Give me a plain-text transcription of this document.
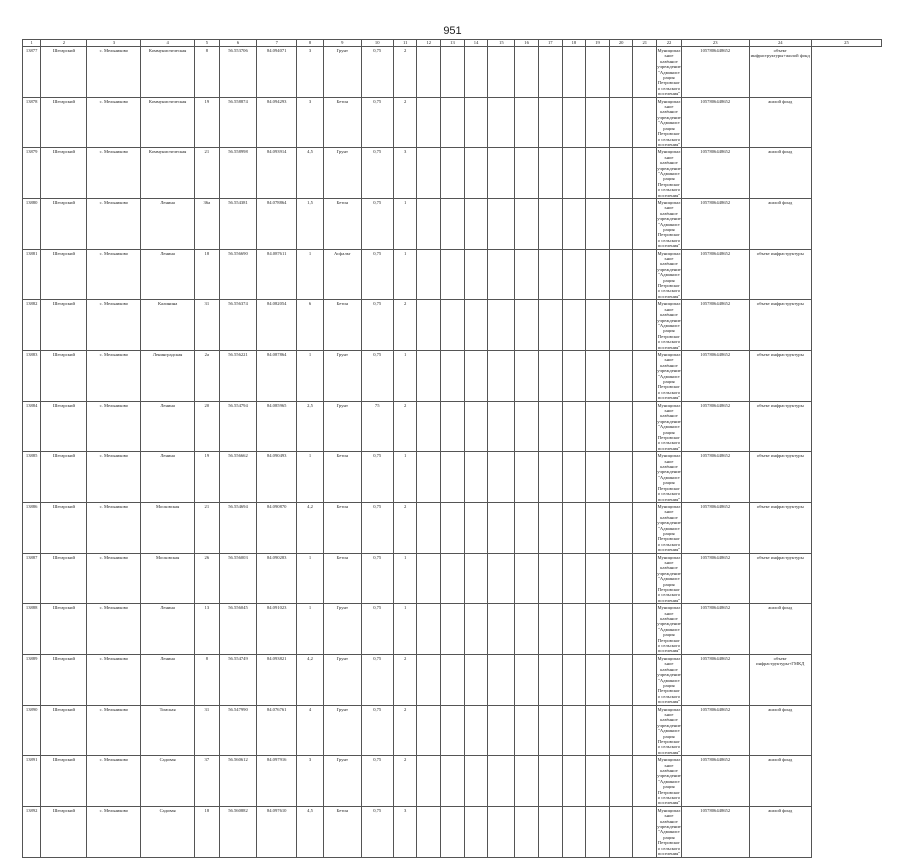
951
1	2	3	4	5	6	7	8	9	10	11	12	13	14	15	16	17	18	19	20	21	22	23	24	25
13877	Шегарский	с. Мельниково	Коммунистическая	8	56.553706	84.094071	3	Грунт	0,75	2											Муниципальное казённое учреждение "Администрация Петровского сельского поселения"	1057806448652	объект инфраструктуры+жилой фонд	
13878	Шегарский	с. Мельниково	Коммунистическая	19	56.558874	84.094293	3	Бетон	0,75	2											Муниципальное казённое учреждение "Администрация Петровского сельского поселения"	1057806448652	жилой фонд	
13879	Шегарский	с. Мельниково	Коммунистическая	21	56.558998	84.093914	4,5	Грунт	0,75	3											Муниципальное казённое учреждение "Администрация Петровского сельского поселения"	1057806448652	жилой фонд	
13880	Шегарский	с. Мельниково	Ленина	36а	56.554381	84.078864	1,5	Бетон	0,75	1											Муниципальное казённое учреждение "Администрация Петровского сельского поселения"	1057806448652	жилой фонд	
13881	Шегарский	с. Мельниково	Ленина	18	56.556690	84.087611	1	Асфальт	0,75	1											Муниципальное казённое учреждение "Администрация Петровского сельского поселения"	1057806448652	объект инфраструктуры	
13882	Шегарский	с. Мельниково	Калинина	31	56.556374	84.082054	6	Бетон	0,75	2											Муниципальное казённое учреждение "Администрация Петровского сельского поселения"	1057806448652	объект инфраструктуры	
13883	Шегарский	с. Мельниково	Ленинградская	2а	56.556221	84.087864	1	Грунт	0,75	1											Муниципальное казённое учреждение "Администрация Петровского сельского поселения"	1057806448652	объект инфраструктуры	
13884	Шегарский	с. Мельниково	Ленина	20	56.554794	84.085965	2,5	Грунт	75	2											Муниципальное казённое учреждение "Администрация Петровского сельского поселения"	1057806448652	объект инфраструктуры	
13885	Шегарский	с. Мельниково	Ленина	19	56.556662	84.090493	1	Бетон	0,75	1											Муниципальное казённое учреждение "Администрация Петровского сельского поселения"	1057806448652	объект инфраструктуры	
13886	Шегарский	с. Мельниково	Московская	21	56.554694	84.090870	4,2	Бетон	0,75	2											Муниципальное казённое учреждение "Администрация Петровского сельского поселения"	1057806448652	объект инфраструктуры	
13887	Шегарский	с. Мельниково	Московская	26	56.556003	84.090283	1	Бетон	0,75	1											Муниципальное казённое учреждение "Администрация Петровского сельского поселения"	1057806448652	объект инфраструктуры	
13888	Шегарский	с. Мельниково	Ленина	13	56.556045	84.091023	1	Грунт	0,75	1											Муниципальное казённое учреждение "Администрация Петровского сельского поселения"	1057806448652	жилой фонд	
13889	Шегарский	с. Мельниково	Ленина	8	56.554749	84.093821	4,2	Грунт	0,75	2											Муниципальное казённое учреждение "Администрация Петровского сельского поселения"	1057806448652	объект инфраструктуры+ГМКД	
13890	Шегарский	с. Мельниково	Томская	31	56.547990	84.076761	4	Грунт	0,75	2											Муниципальное казённое учреждение "Администрация Петровского сельского поселения"	1057806448652	жилой фонд	
13891	Шегарский	с. Мельниково	Садовая	37	56.560612	84.097916	3	Грунт	0,75	2											Муниципальное казённое учреждение "Администрация Петровского сельского поселения"	1057806448652	жилой фонд	
13892	Шегарский	с. Мельниково	Садовая	18	56.560882	84.097610	4,5	Бетон	0,75	3											Муниципальное казённое учреждение "Администрация Петровского сельского поселения"	1057806448652	жилой фонд	
